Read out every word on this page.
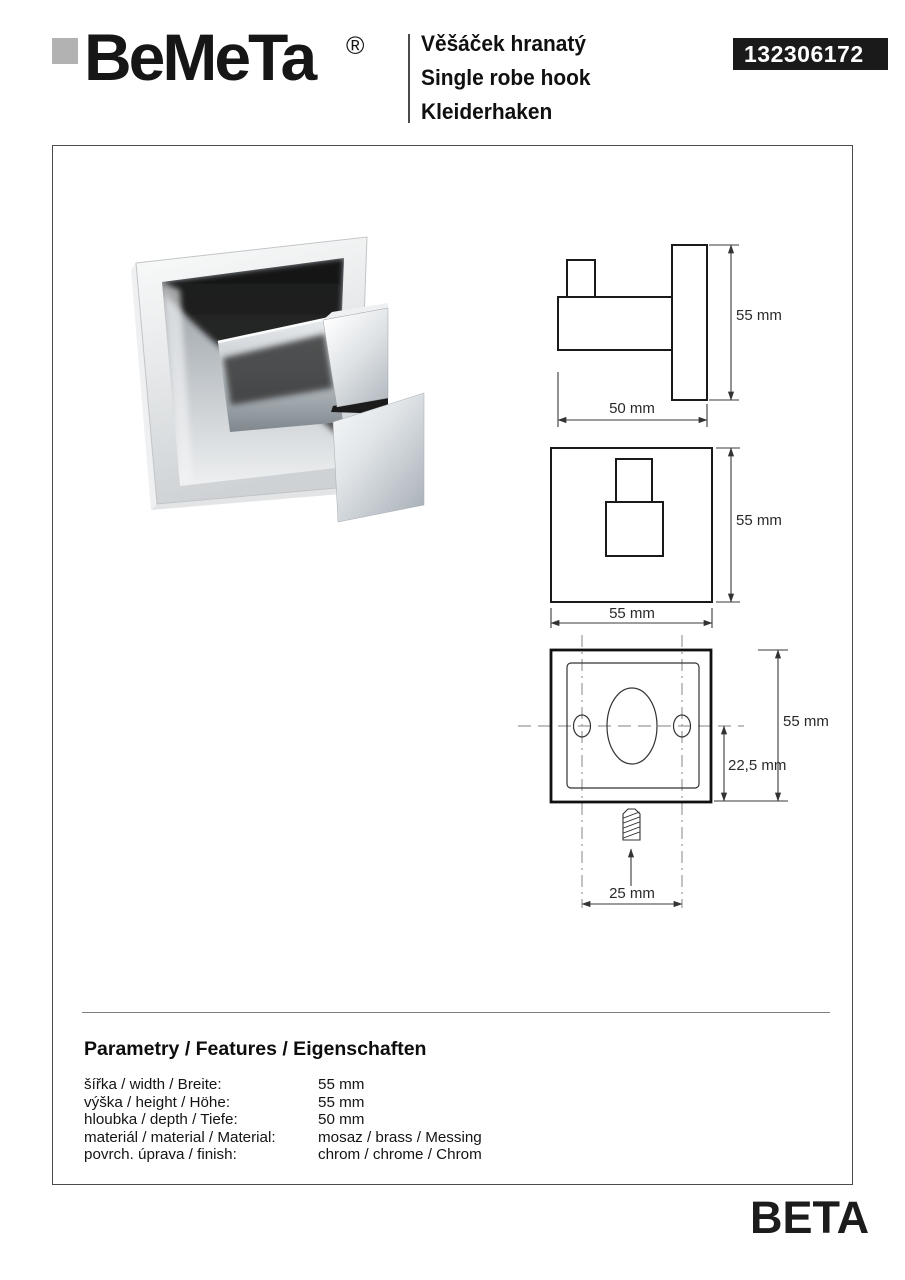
BeMeTa ®	Věšáček hranatý
Single robe hook
Kleiderhaken
132306172
55 mm
50 mm
55 mm
55 mm
55 mm
22,5 mm
25 mm
Parametry / Features / Eigenschaften
šířka / width / Breite:	55 mm
výška / height / Höhe:	55 mm
hloubka / depth / Tiefe:	50 mm
materiál / material / Material:	mosaz / brass / Messing
povrch. úprava / finish:	chrom / chrome / Chrom
BETA
